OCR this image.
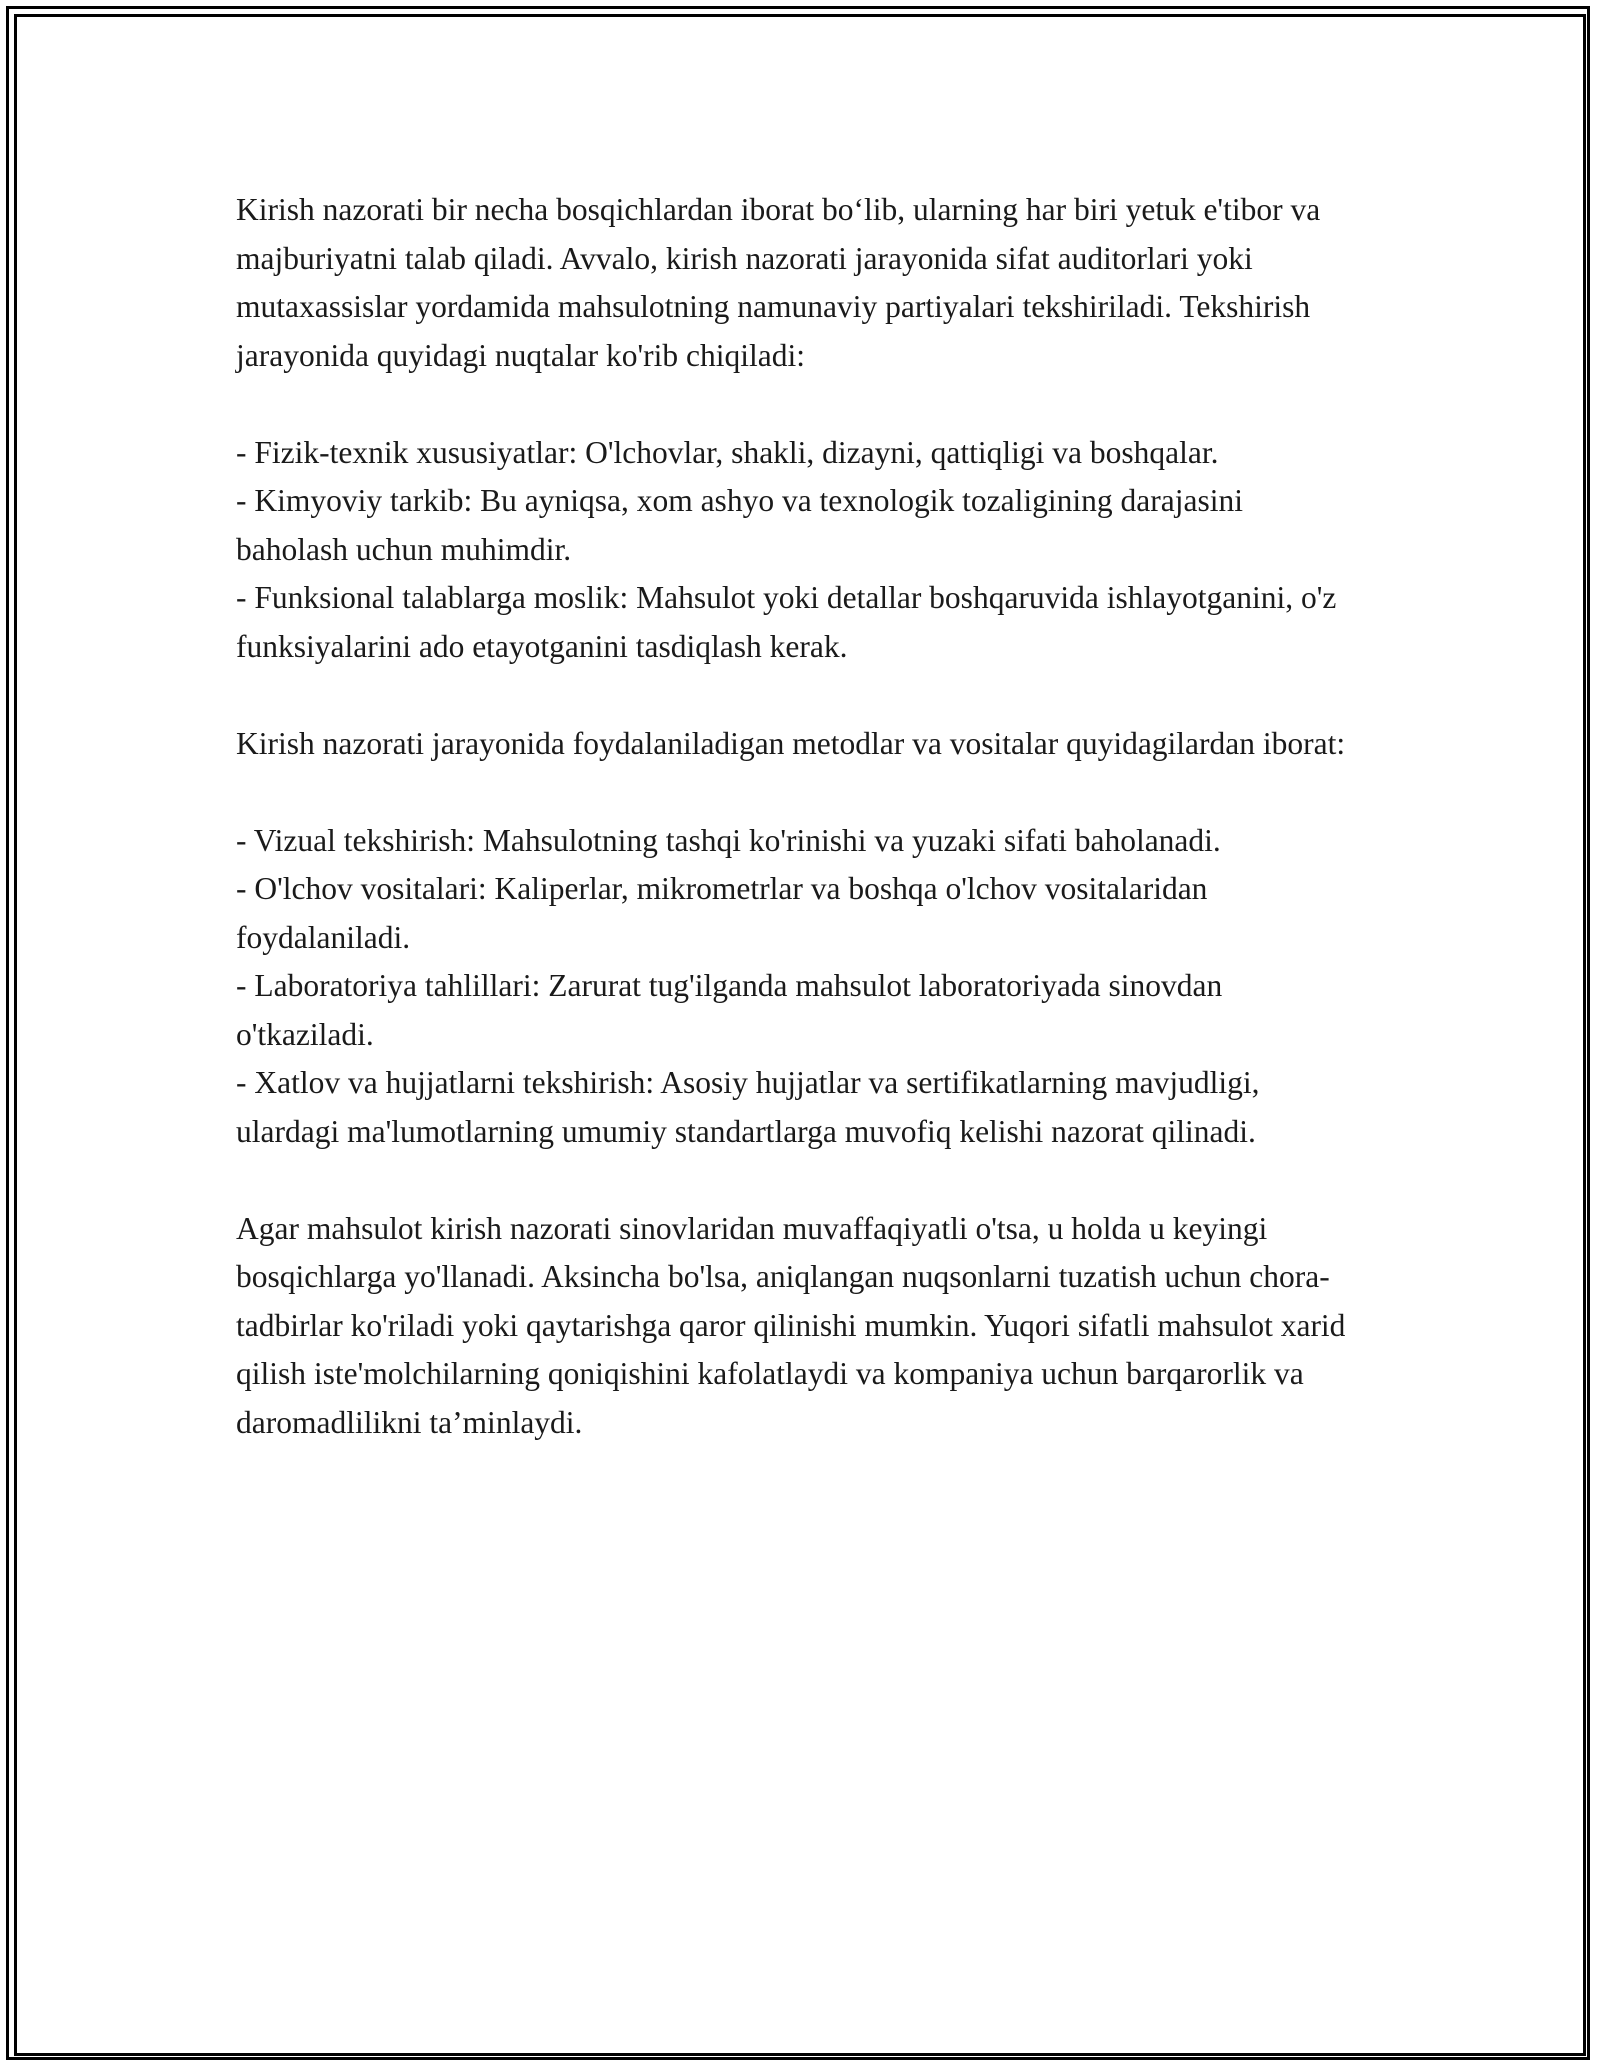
Kirish nazorati bir necha bosqichlardan iborat bo‘lib, ularning har biri yetuk e'tibor va majburiyatni talab qiladi. Avvalo, kirish nazorati jarayonida sifat auditorlari yoki mutaxassislar yordamida mahsulotning namunaviy partiyalari tekshiriladi. Tekshirish jarayonida quyidagi nuqtalar ko'rib chiqiladi:

- Fizik-texnik xususiyatlar: O'lchovlar, shakli, dizayni, qattiqligi va boshqalar.
- Kimyoviy tarkib: Bu ayniqsa, xom ashyo va texnologik tozaligining darajasini baholash uchun muhimdir.
- Funksional talablarga moslik: Mahsulot yoki detallar boshqaruvida ishlayotganini, o'z funksiyalarini ado etayotganini tasdiqlash kerak.

Kirish nazorati jarayonida foydalaniladigan metodlar va vositalar quyidagilardan iborat:

- Vizual tekshirish: Mahsulotning tashqi ko'rinishi va yuzaki sifati baholanadi.
- O'lchov vositalari: Kaliperlar, mikrometrlar va boshqa o'lchov vositalaridan foydalaniladi.
- Laboratoriya tahlillari: Zarurat tug'ilganda mahsulot laboratoriyada sinovdan o'tkaziladi.
- Xatlov va hujjatlarni tekshirish: Asosiy hujjatlar va sertifikatlarning mavjudligi, ulardagi ma'lumotlarning umumiy standartlarga muvofiq kelishi nazorat qilinadi.

Agar mahsulot kirish nazorati sinovlaridan muvaffaqiyatli o'tsa, u holda u keyingi bosqichlarga yo'llanadi. Aksincha bo'lsa, aniqlangan nuqsonlarni tuzatish uchun chora-tadbirlar ko'riladi yoki qaytarishga qaror qilinishi mumkin. Yuqori sifatli mahsulot xarid qilish iste'molchilarning qoniqishini kafolatlaydi va kompaniya uchun barqarorlik va daromadlilikni ta’minlaydi.
